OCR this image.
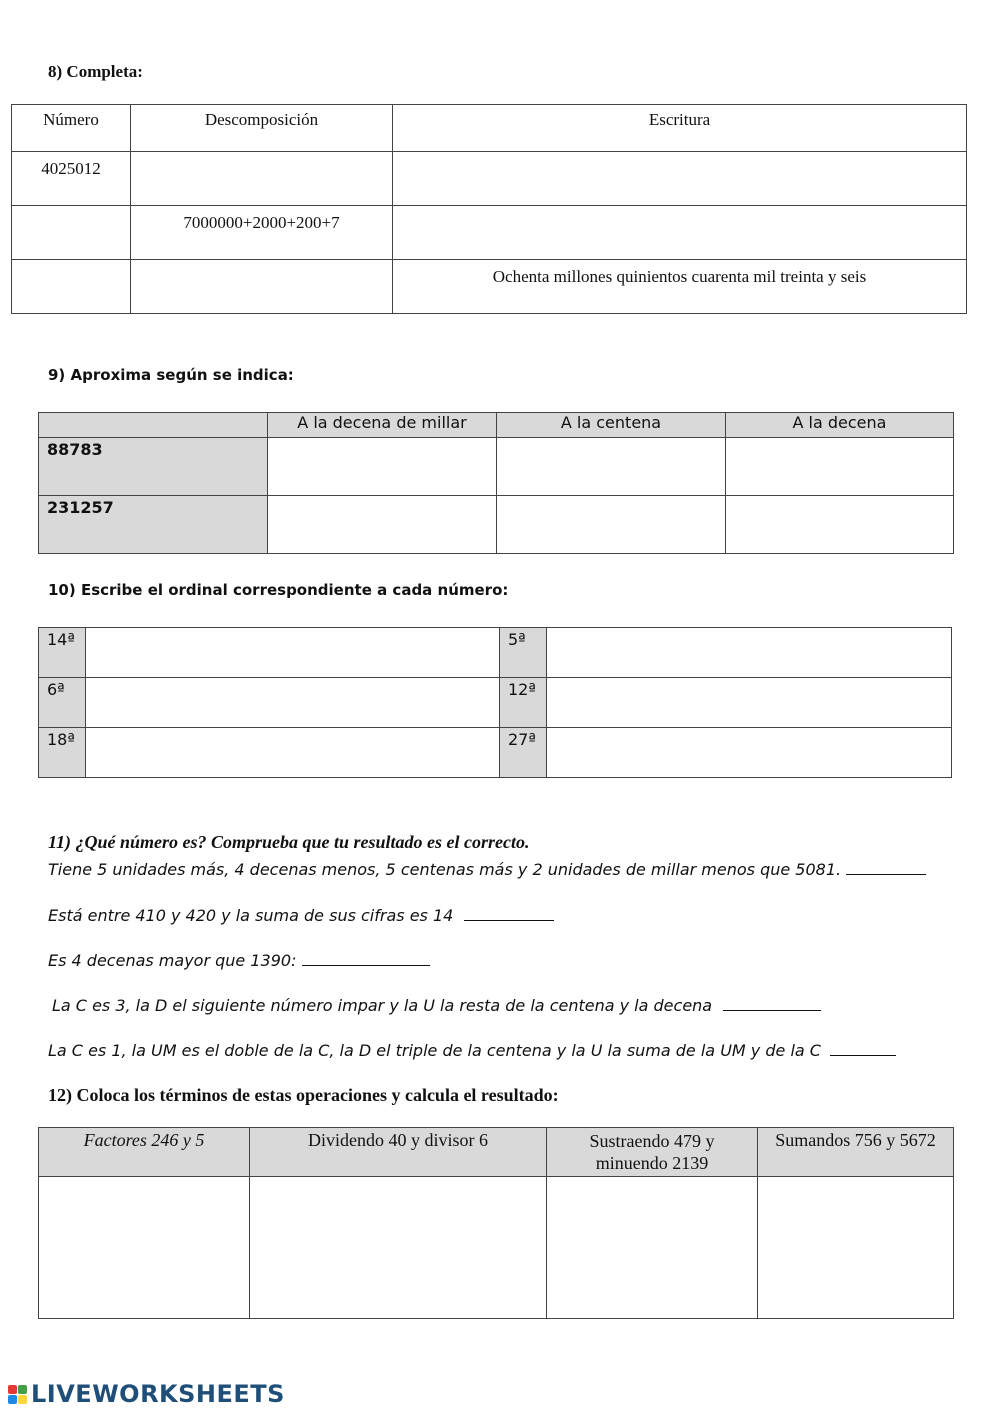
8) Completa:
Número	Descomposición	Escritura
4025012		
	7000000+2000+200+7	
		Ochenta millones quinientos cuarenta mil treinta y seis
9) Aproxima según se indica:
	A la decena de millar	A la centena	A la decena
88783			
231257			
10) Escribe el ordinal correspondiente a cada número:
14ª		5ª	
6ª		12ª	
18ª		27ª	
11) ¿Qué número es? Comprueba que tu resultado es el correcto.
Tiene 5 unidades más, 4 decenas menos, 5 centenas más y 2 unidades de millar menos que 5081.
Está entre 410 y 420 y la suma de sus cifras es 14
Es 4 decenas mayor que 1390:
La C es 3, la D el siguiente número impar y la U la resta de la centena y la decena
La C es 1, la UM es el doble de la C, la D el triple de la centena y la U la suma de la UM y de la C
12) Coloca los términos de estas operaciones y calcula el resultado:
Factores 246 y 5	Dividendo 40 y divisor 6	Sustraendo 479 y minuendo 2139	Sumandos 756 y 5672

LIVEWORKSHEETS
